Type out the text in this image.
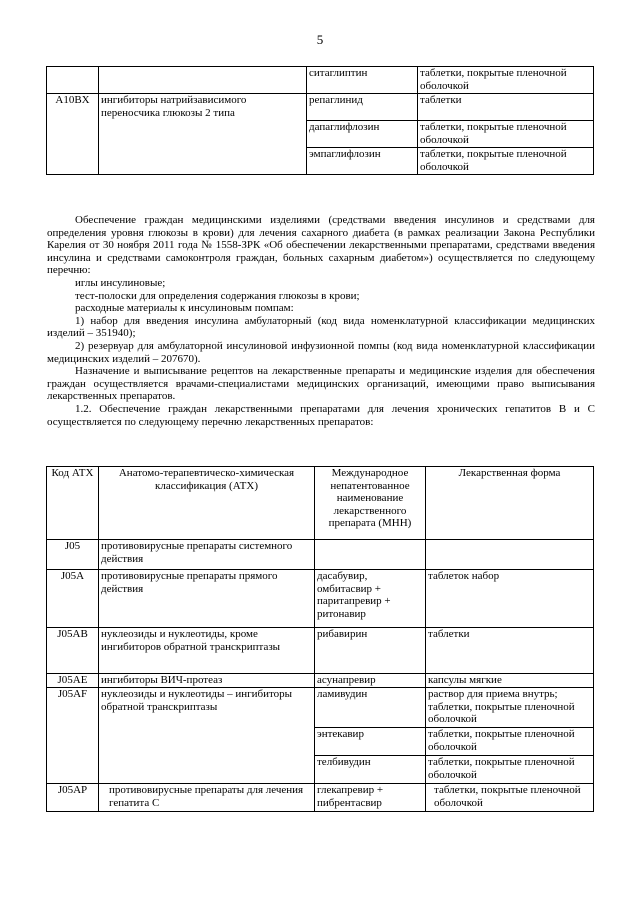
5
		ситаглиптин	таблетки, покрытые пленочной оболочкой
A10BX	ингибиторы натрийзависимого переносчика глюкозы 2 типа	репаглинид	таблетки
		дапаглифлозин	таблетки, покрытые пленочной оболочкой
		эмпаглифлозин	таблетки, покрытые пленочной оболочкой

Обеспечение граждан медицинскими изделиями (средствами введения инсулинов и средствами для определения уровня глюкозы в крови) для лечения сахарного диабета (в рамках реализации Закона Республики Карелия от 30 ноября 2011 года № 1558-ЗРК «Об обеспечении лекарственными препаратами, средствами введения инсулина и средствами самоконтроля граждан, больных сахарным диабетом») осуществляется по следующему перечню:

иглы инсулиновые;

тест-полоски для определения содержания глюкозы в крови;

расходные материалы к инсулиновым помпам:

1) набор для введения инсулина амбулаторный (код вида номенклатурной классификации медицинских изделий – 351940);

2) резервуар для амбулаторной инсулиновой инфузионной помпы (код вида номенклатурной классификации медицинских изделий – 207670).

Назначение и выписывание рецептов на лекарственные препараты и медицинские изделия для обеспечения граждан осуществляется врачами-специалистами медицинских организаций, имеющими право выписывания лекарственных препаратов.

1.2. Обеспечение граждан лекарственными препаратами для лечения хронических гепатитов B и C осуществляется по следующему перечню лекарственных препаратов:

Код АТХ	Анатомо-терапевтическо-химическая классификация (АТХ)	Международное непатентованное наименование лекарственного препарата (МНН)	Лекарственная форма
J05	противовирусные препараты системного действия		
J05A	противовирусные препараты прямого действия	дасабувир, омбитасвир + паритапревир + ритонавир	таблеток набор
J05AB	нуклеозиды и нуклеотиды, кроме ингибиторов обратной транскриптазы	рибавирин	таблетки
J05AE	ингибиторы ВИЧ-протеаз	асунапревир	капсулы мягкие
J05AF	нуклеозиды и нуклеотиды – ингибиторы обратной транскриптазы	ламивудин	раствор для приема внутрь; таблетки, покрытые пленочной оболочкой
		энтекавир	таблетки, покрытые пленочной оболочкой
		телбивудин	таблетки, покрытые пленочной оболочкой
J05AP	противовирусные препараты для лечения гепатита С	глекапревир + пибрентасвир	таблетки, покрытые пленочной оболочкой
